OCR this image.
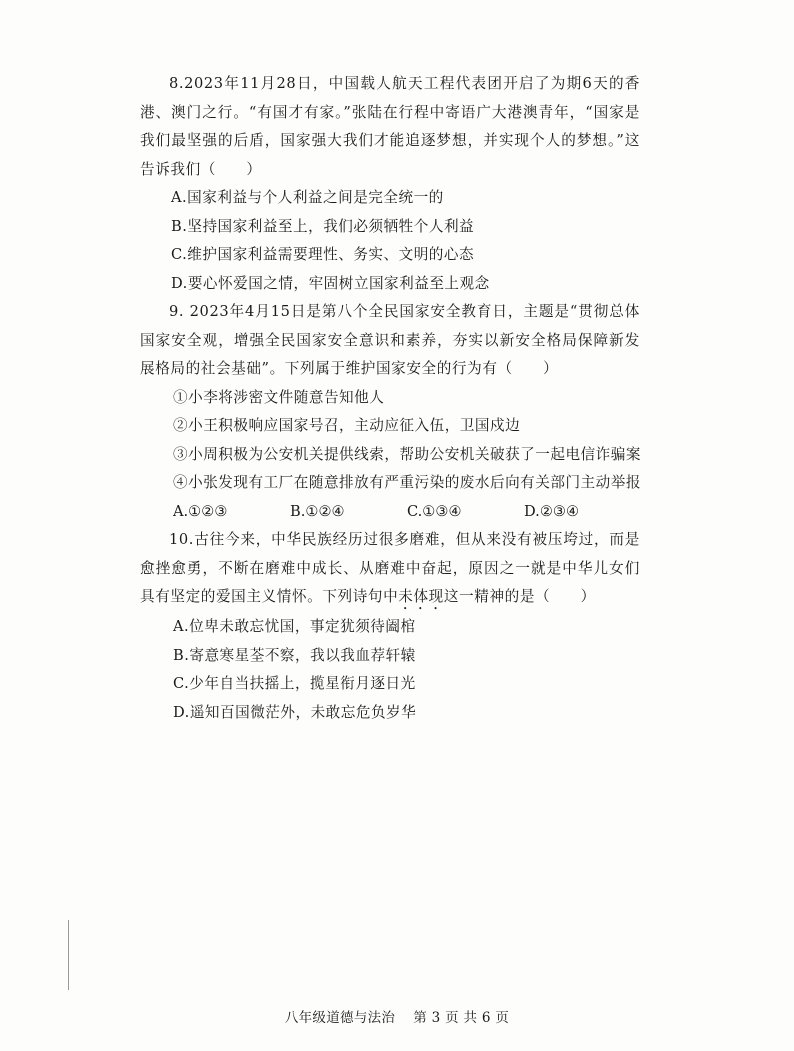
8.2023年11月28日，中国载人航天工程代表团开启了为期6天的香港、澳门之行。“有国才有家。”张陆在行程中寄语广大港澳青年，“国家是我们最坚强的后盾，国家强大我们才能追逐梦想，并实现个人的梦想。”这告诉我们（　　）

A.国家利益与个人利益之间是完全统一的

B.坚持国家利益至上，我们必须牺牲个人利益

C.维护国家利益需要理性、务实、文明的心态

D.要心怀爱国之情，牢固树立国家利益至上观念

9. 2023年4月15日是第八个全民国家安全教育日，主题是“贯彻总体国家安全观，增强全民国家安全意识和素养，夯实以新安全格局保障新发展格局的社会基础”。下列属于维护国家安全的行为有（　　）

①小李将涉密文件随意告知他人

②小王积极响应国家号召，主动应征入伍，卫国戍边

③小周积极为公安机关提供线索，帮助公安机关破获了一起电信诈骗案

④小张发现有工厂在随意排放有严重污染的废水后向有关部门主动举报

A.①②③	B.①②④	C.①③④	D.②③④

10.古往今来，中华民族经历过很多磨难，但从来没有被压垮过，而是愈挫愈勇，不断在磨难中成长、从磨难中奋起，原因之一就是中华儿女们具有坚定的爱国主义情怀。下列诗句中未体现这一精神的是（　　）

A.位卑未敢忘忧国，事定犹须待阖棺

B.寄意寒星荃不察，我以我血荐轩辕

C.少年自当扶摇上，揽星衔月逐日光

D.遥知百国微茫外，未敢忘危负岁华

八年级道德与法治 第 3 页 共 6 页
